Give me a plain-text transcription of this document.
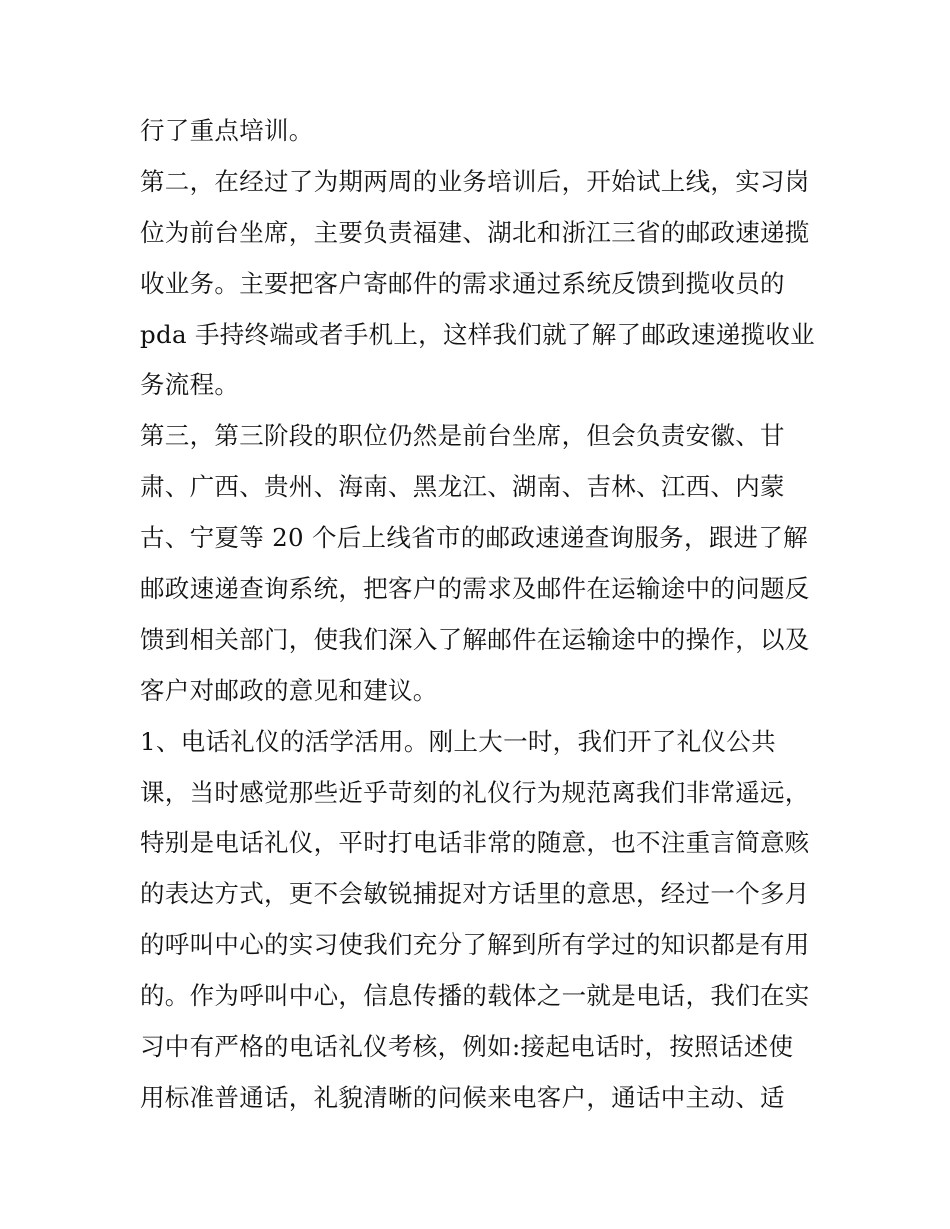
行了重点培训。
第二，在经过了为期两周的业务培训后，开始试上线，实习岗
位为前台坐席，主要负责福建、湖北和浙江三省的邮政速递揽
收业务。主要把客户寄邮件的需求通过系统反馈到揽收员的
pda 手持终端或者手机上，这样我们就了解了邮政速递揽收业
务流程。
第三，第三阶段的职位仍然是前台坐席，但会负责安徽、甘
肃、广西、贵州、海南、黑龙江、湖南、吉林、江西、内蒙
古、宁夏等 20 个后上线省市的邮政速递查询服务，跟进了解
邮政速递查询系统，把客户的需求及邮件在运输途中的问题反
馈到相关部门，使我们深入了解邮件在运输途中的操作，以及
客户对邮政的意见和建议。
1、电话礼仪的活学活用。刚上大一时，我们开了礼仪公共
课，当时感觉那些近乎苛刻的礼仪行为规范离我们非常遥远，
特别是电话礼仪，平时打电话非常的随意，也不注重言简意赅
的表达方式，更不会敏锐捕捉对方话里的意思，经过一个多月
的呼叫中心的实习使我们充分了解到所有学过的知识都是有用
的。作为呼叫中心，信息传播的载体之一就是电话，我们在实
习中有严格的电话礼仪考核，例如:接起电话时，按照话述使
用标准普通话，礼貌清晰的问候来电客户，通话中主动、适
